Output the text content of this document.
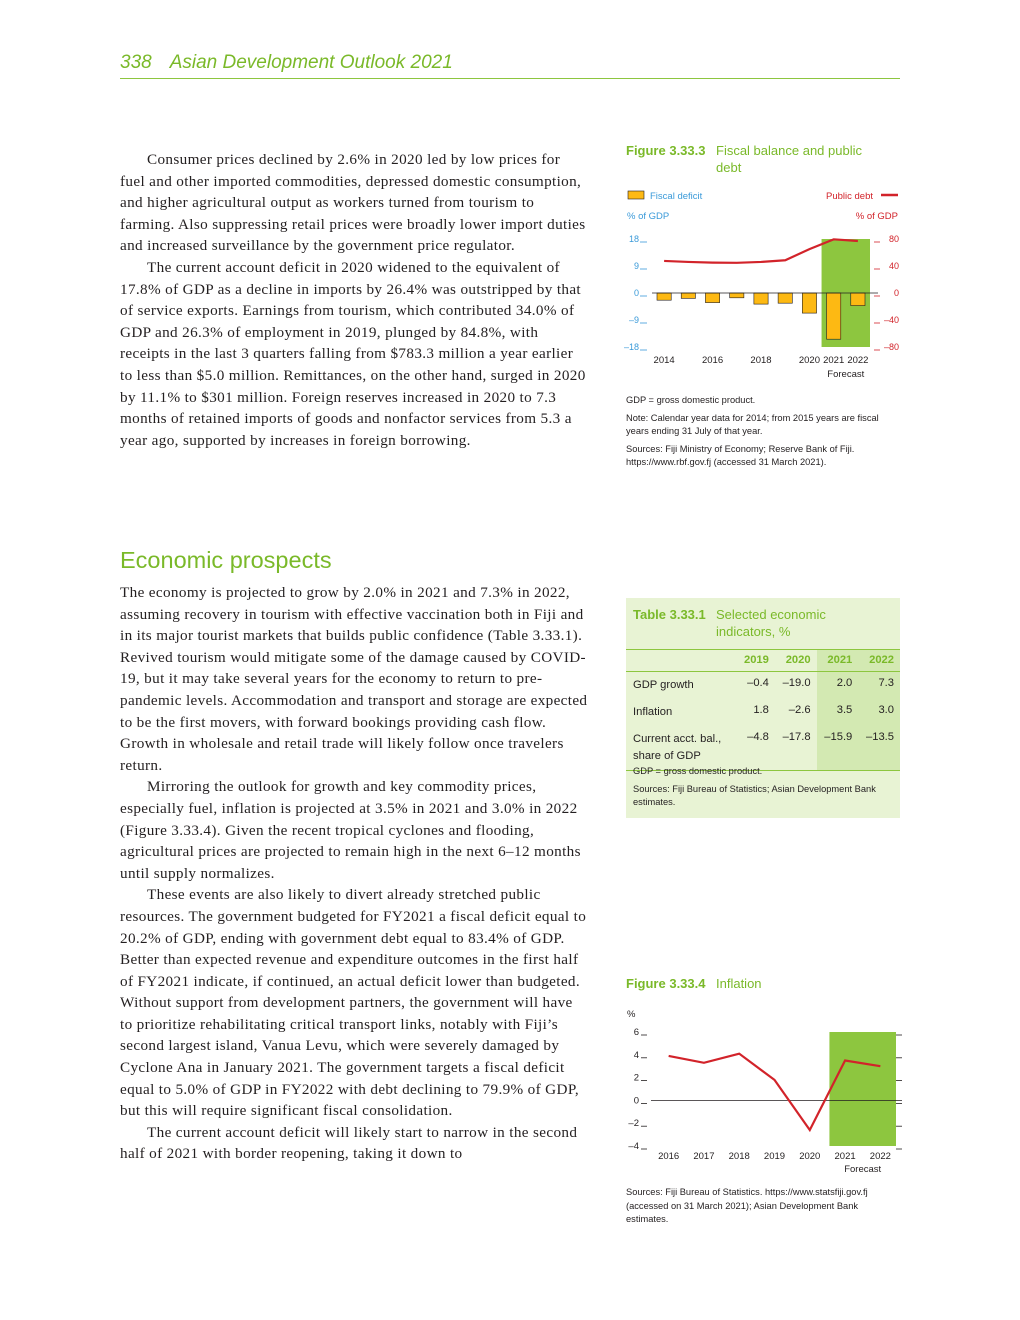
338 Asian Development Outlook 2021

Consumer prices declined by 2.6% in 2020 led by low prices for fuel and other imported commodities, depressed domestic consumption, and higher agricultural output as workers turned from tourism to farming. Also suppressing retail prices were broadly lower import duties and increased surveillance by the government price regulator.

The current account deficit in 2020 widened to the equivalent of 17.8% of GDP as a decline in imports by 26.4% was outstripped by that of service exports. Earnings from tourism, which contributed 34.0% of GDP and 26.3% of employment in 2019, plunged by 84.8%, with receipts in the last 3 quarters falling from $783.3 million a year earlier to less than $5.0 million. Remittances, on the other hand, surged in 2020 by 11.1% to $301 million. Foreign reserves increased in 2020 to 7.3 months of retained imports of goods and nonfactor services from 5.3 a year ago, supported by increases in foreign borrowing.

Economic prospects

The economy is projected to grow by 2.0% in 2021 and 7.3% in 2022, assuming recovery in tourism with effective vaccination both in Fiji and in its major tourist markets that builds public confidence (Table 3.33.1). Revived tourism would mitigate some of the damage caused by COVID-19, but it may take several years for the economy to return to pre-pandemic levels. Accommodation and transport and storage are expected to be the first movers, with forward bookings providing cash flow. Growth in wholesale and retail trade will likely follow once travelers return.

Mirroring the outlook for growth and key commodity prices, especially fuel, inflation is projected at 3.5% in 2021 and 3.0% in 2022 (Figure 3.33.4). Given the recent tropical cyclones and flooding, agricultural prices are projected to remain high in the next 6–12 months until supply normalizes.

These events are also likely to divert already stretched public resources. The government budgeted for FY2021 a fiscal deficit equal to 20.2% of GDP, ending with government debt equal to 83.4% of GDP. Better than expected revenue and expenditure outcomes in the first half of FY2021 indicate, if continued, an actual deficit lower than budgeted. Without support from development partners, the government will have to prioritize rehabilitating critical transport links, notably with Fiji’s second largest island, Vanua Levu, which were severely damaged by Cyclone Ana in January 2021. The government targets a fiscal deficit equal to 5.0% of GDP in FY2022 with debt declining to 79.9% of GDP, but this will require significant fiscal consolidation.

The current account deficit will likely start to narrow in the second half of 2021 with border reopening, taking it down to

Figure 3.33.3 Fiscal balance and public debt
Fiscal deficit	Public debt
% of GDP	% of GDP
18
9
0
–9
–18
80
40
0
–40
–80
2014	2016	2018	2020 2021 2022
Forecast
GDP = gross domestic product.
Note: Calendar year data for 2014; from 2015 years are fiscal years ending 31 July of that year.
Sources: Fiji Ministry of Economy; Reserve Bank of Fiji. https://www.rbf.gov.fj (accessed 31 March 2021).
Table 3.33.1 Selected economic indicators, %
	2019	2020	2021	2022
GDP growth	–0.4	–19.0	2.0	7.3
Inflation	1.8	–2.6	3.5	3.0
Current acct. bal., share of GDP	–4.8	–17.8	–15.9	–13.5
GDP = gross domestic product.
Sources: Fiji Bureau of Statistics; Asian Development Bank estimates.
Figure 3.33.4 Inflation
%
6
4
2
0
–2
–4
2016 2017 2018 2019 2020 2021 2022
Forecast
Sources: Fiji Bureau of Statistics. https://www.statsfiji.gov.fj (accessed on 31 March 2021); Asian Development Bank estimates.
